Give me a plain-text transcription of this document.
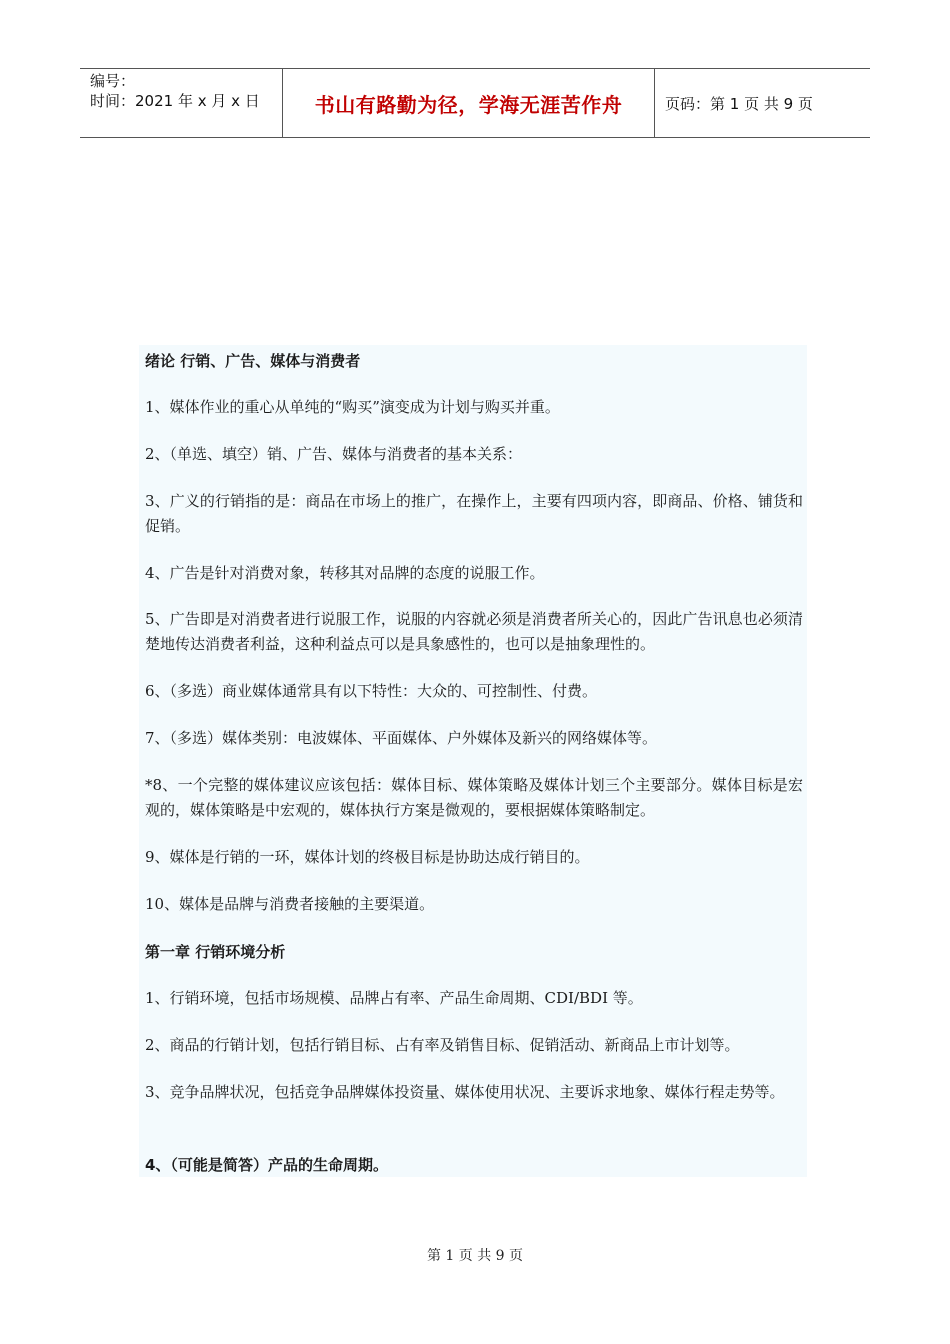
编号：
时间：2021 年 x 月 x 日	书山有路勤为径，学海无涯苦作舟	页码：第 1 页 共 9 页

绪论 行销、广告、媒体与消费者

1、媒体作业的重心从单纯的“购买”演变成为计划与购买并重。

2、（单选、填空）销、广告、媒体与消费者的基本关系：

3、广义的行销指的是：商品在市场上的推广，在操作上，主要有四项内容，即商品、价格、铺货和促销。

4、广告是针对消费对象，转移其对品牌的态度的说服工作。

5、广告即是对消费者进行说服工作，说服的内容就必须是消费者所关心的，因此广告讯息也必须清楚地传达消费者利益，这种利益点可以是具象感性的，也可以是抽象理性的。

6、（多选）商业媒体通常具有以下特性：大众的、可控制性、付费。

7、（多选）媒体类别：电波媒体、平面媒体、户外媒体及新兴的网络媒体等。

*8、一个完整的媒体建议应该包括：媒体目标、媒体策略及媒体计划三个主要部分。媒体目标是宏观的，媒体策略是中宏观的，媒体执行方案是微观的，要根据媒体策略制定。

9、媒体是行销的一环，媒体计划的终极目标是协助达成行销目的。

10、媒体是品牌与消费者接触的主要渠道。

第一章 行销环境分析

1、行销环境，包括市场规模、品牌占有率、产品生命周期、CDI/BDI 等。

2、商品的行销计划，包括行销目标、占有率及销售目标、促销活动、新商品上市计划等。

3、竞争品牌状况，包括竞争品牌媒体投资量、媒体使用状况、主要诉求地象、媒体行程走势等。

4、（可能是简答）产品的生命周期。

第 1 页 共 9 页
